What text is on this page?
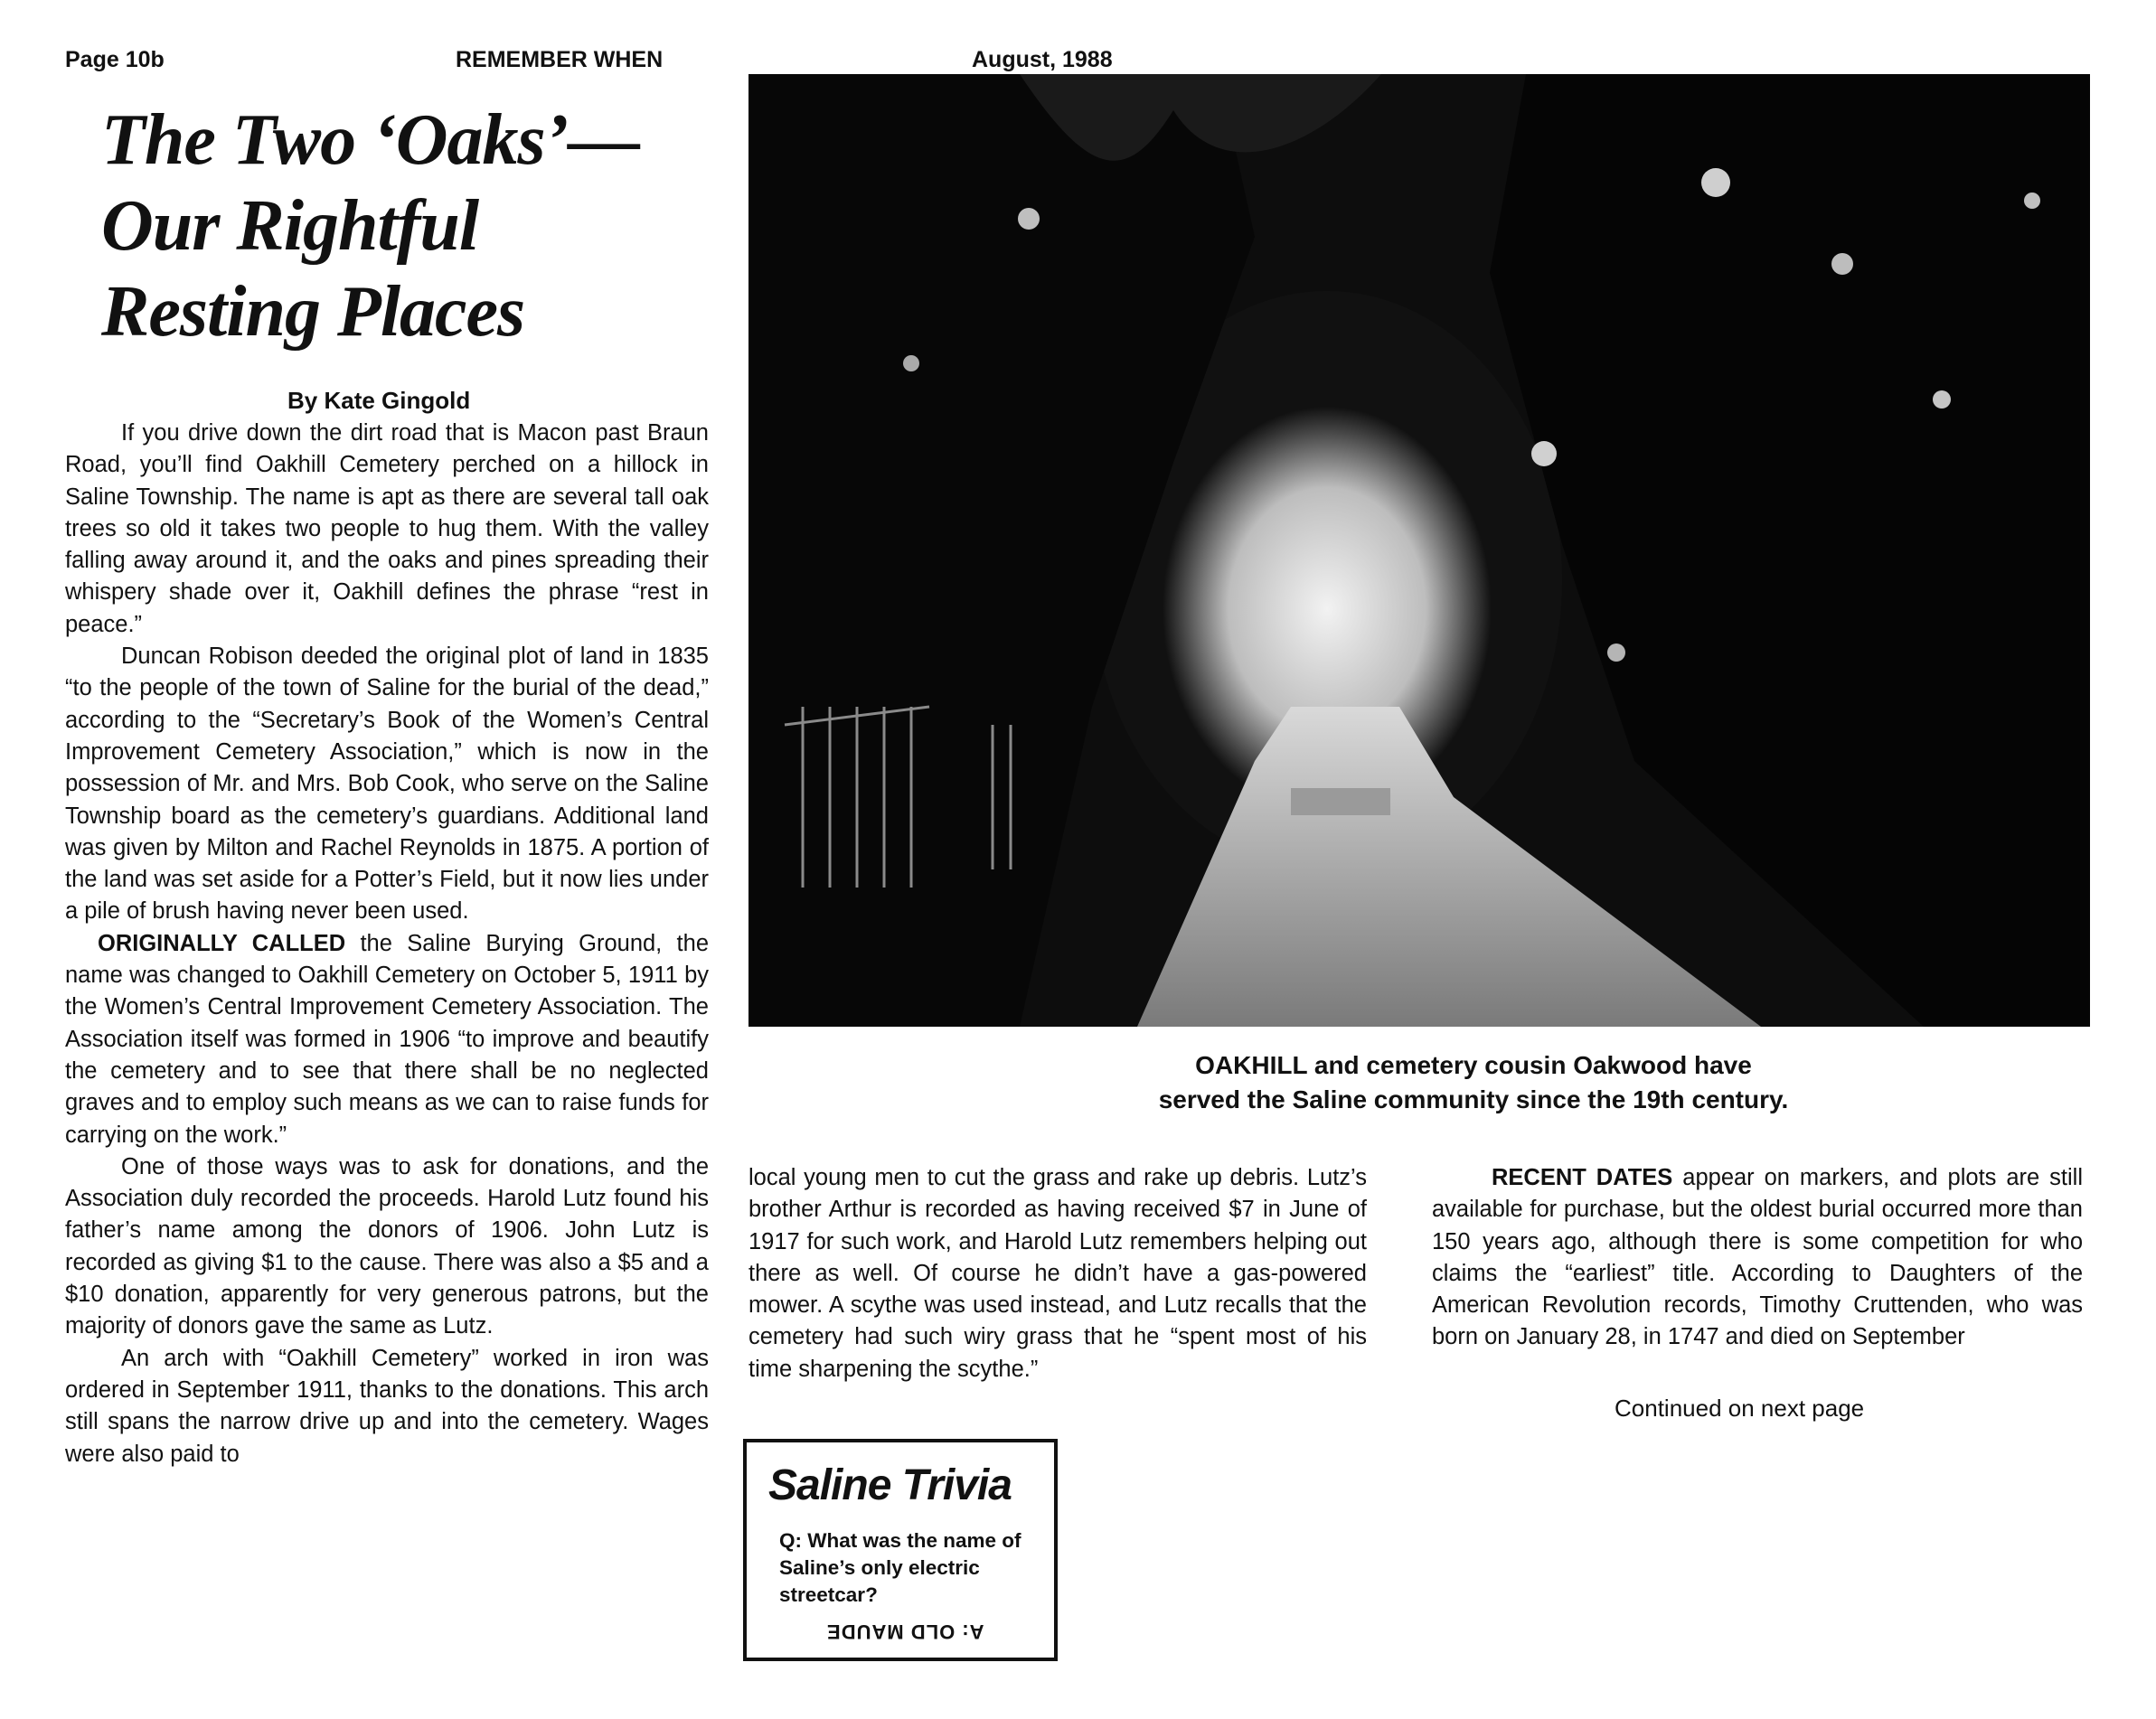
Page 10b	REMEMBER WHEN	August, 1988
The Two ‘Oaks’—
Our Rightful
Resting Places
By Kate Gingold

If you drive down the dirt road that is Macon past Braun Road, you’ll find Oakhill Cemetery perched on a hillock in Saline Township. The name is apt as there are several tall oak trees so old it takes two people to hug them. With the valley falling away around it, and the oaks and pines spreading their whispery shade over it, Oakhill defines the phrase “rest in peace.”

Duncan Robison deeded the original plot of land in 1835 “to the people of the town of Saline for the burial of the dead,” according to the “Secretary’s Book of the Women’s Central Improvement Cemetery Association,” which is now in the possession of Mr. and Mrs. Bob Cook, who serve on the Saline Township board as the cemetery’s guardians. Additional land was given by Milton and Rachel Reynolds in 1875. A portion of the land was set aside for a Potter’s Field, but it now lies under a pile of brush having never been used.

ORIGINALLY CALLED the Saline Burying Ground, the name was changed to Oakhill Cemetery on October 5, 1911 by the Women’s Central Improvement Cemetery Association. The Association itself was formed in 1906 “to improve and beautify the cemetery and to see that there shall be no neglected graves and to employ such means as we can to raise funds for carrying on the work.”

One of those ways was to ask for donations, and the Association duly recorded the proceeds. Harold Lutz found his father’s name among the donors of 1906. John Lutz is recorded as giving $1 to the cause. There was also a $5 and a $10 donation, apparently for very generous patrons, but the majority of donors gave the same as Lutz.

An arch with “Oakhill Cemetery” worked in iron was ordered in September 1911, thanks to the donations. This arch still spans the narrow drive up and into the cemetery. Wages were also paid to

OAKHILL and cemetery cousin Oakwood have
served the Saline community since the 19th century.

local young men to cut the grass and rake up debris. Lutz’s brother Arthur is recorded as having received $7 in June of 1917 for such work, and Harold Lutz remembers helping out there as well. Of course he didn’t have a gas-powered mower. A scythe was used instead, and Lutz recalls that the cemetery had such wiry grass that he “spent most of his time sharpening the scythe.”

RECENT DATES appear on markers, and plots are still available for purchase, but the oldest burial occurred more than 150 years ago, although there is some competition for who claims the “earliest” title. According to Daughters of the American Revolution records, Timothy Cruttenden, who was born on January 28, in 1747 and died on September

Continued on next page
Saline Trivia
Q: What was the name of Saline’s only electric streetcar?
A: OLD MAUDE
